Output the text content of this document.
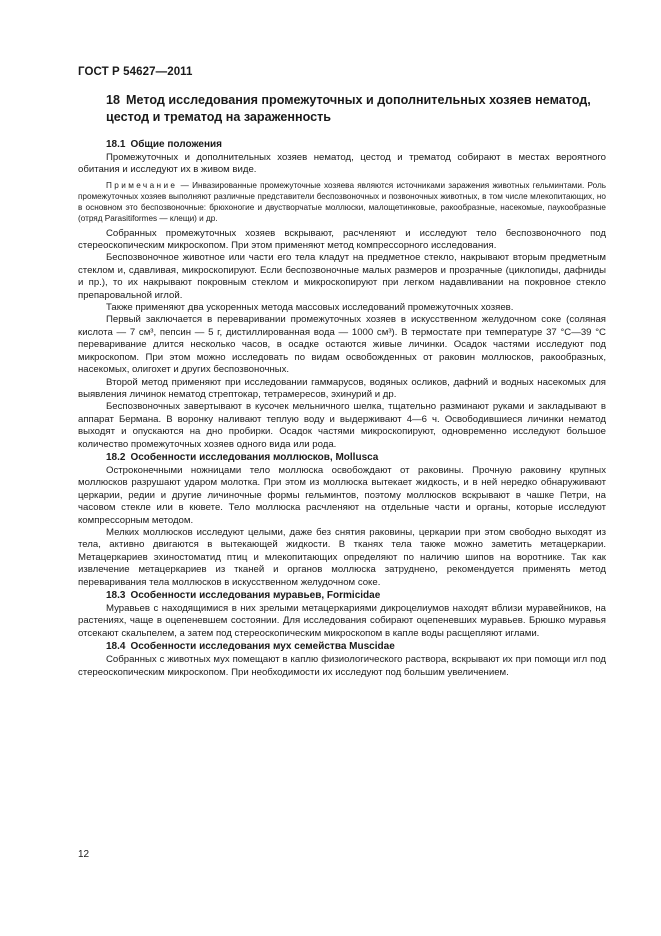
ГОСТ Р 54627—2011
18 Метод исследования промежуточных и дополнительных хозяев нематод, цестод и трематод на зараженность
18.1 Общие положения

Промежуточных и дополнительных хозяев нематод, цестод и трематод собирают в местах вероятного обитания и исследуют их в живом виде.

Примечание — Инвазированные промежуточные хозяева являются источниками заражения животных гельминтами. Роль промежуточных хозяев выполняют различные представители беспозвоночных и позвоночных животных, в том числе млекопитающих, но в основном это беспозвоночные: брюхоногие и двустворчатые моллюски, малощетинковые, ракообразные, насекомые, паукообразные (отряд Parasitiformes — клещи) и др.

Собранных промежуточных хозяев вскрывают, расчленяют и исследуют тело беспозвоночного под стереоскопическим микроскопом. При этом применяют метод компрессорного исследования.

Беспозвоночное животное или части его тела кладут на предметное стекло, накрывают вторым предметным стеклом и, сдавливая, микроскопируют. Если беспозвоночные малых размеров и прозрачные (циклопиды, дафниды и пр.), то их накрывают покровным стеклом и микроскопируют при легком надавливании на покровное стекло препаровальной иглой.

Также применяют два ускоренных метода массовых исследований промежуточных хозяев.

Первый заключается в переваривании промежуточных хозяев в искусственном желудочном соке (соляная кислота — 7 см³, пепсин — 5 г, дистиллированная вода — 1000 см³). В термостате при температуре 37 °С—39 °С переваривание длится несколько часов, в осадке остаются живые личинки. Осадок частями исследуют под микроскопом. При этом можно исследовать по видам освобожденных от раковин моллюсков, ракообразных, насекомых, олигохет и других беспозвоночных.

Второй метод применяют при исследовании гаммарусов, водяных осликов, дафний и водных насекомых для выявления личинок нематод стрептокар, тетрамересов, эхинурий и др.

Беспозвоночных завертывают в кусочек мельничного шелка, тщательно разминают руками и закладывают в аппарат Бермана. В воронку наливают теплую воду и выдерживают 4—6 ч. Освободившиеся личинки нематод выходят и опускаются на дно пробирки. Осадок частями микроскопируют, одновременно исследуют большое количество промежуточных хозяев одного вида или рода.

18.2 Особенности исследования моллюсков, Mollusca

Остроконечными ножницами тело моллюска освобождают от раковины. Прочную раковину крупных моллюсков разрушают ударом молотка. При этом из моллюска вытекает жидкость, и в ней нередко обнаруживают церкарии, редии и другие личиночные формы гельминтов, поэтому моллюсков вскрывают в чашке Петри, на часовом стекле или в кювете. Тело моллюска расчленяют на отдельные части и органы, которые исследуют компрессорным методом.

Мелких моллюсков исследуют целыми, даже без снятия раковины, церкарии при этом свободно выходят из тела, активно двигаются в вытекающей жидкости. В тканях тела также можно заметить метацеркарии. Метацеркариев эхиностоматид птиц и млекопитающих определяют по наличию шипов на воротнике. Так как извлечение метацеркариев из тканей и органов моллюска затруднено, рекомендуется применять метод переваривания тела моллюсков в искусственном желудочном соке.

18.3 Особенности исследования муравьев, Formicidae

Муравьев с находящимися в них зрелыми метацеркариями дикроцелиумов находят вблизи муравейников, на растениях, чаще в оцепеневшем состоянии. Для исследования собирают оцепеневших муравьев. Брюшко муравья отсекают скальпелем, а затем под стереоскопическим микроскопом в капле воды расщепляют иглами.

18.4 Особенности исследования мух семейства Muscidae

Собранных с животных мух помещают в каплю физиологического раствора, вскрывают их при помощи игл под стереоскопическим микроскопом. При необходимости их исследуют под большим увеличением.

12
